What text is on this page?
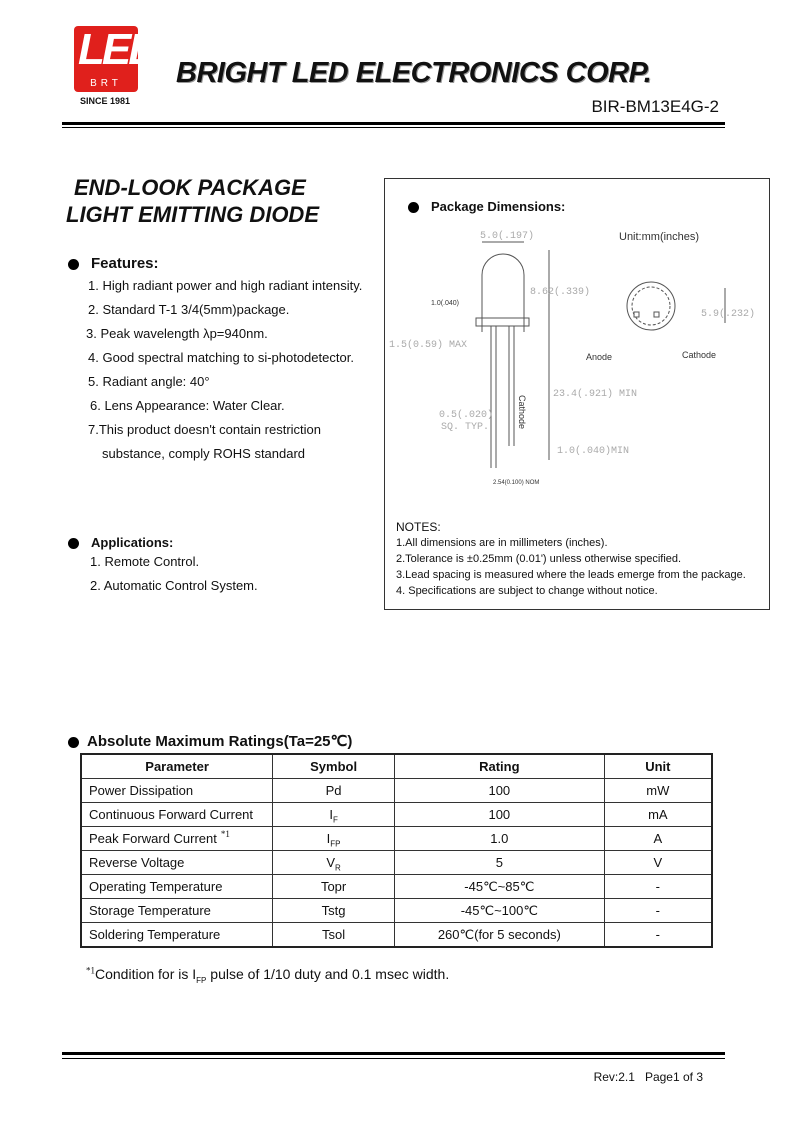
LED
BRT
SINCE 1981
BRIGHT LED ELECTRONICS CORP.
BIR-BM13E4G-2
END-LOOK PACKAGE
LIGHT EMITTING DIODE
Features:
1. High radiant power and high radiant intensity.
2. Standard T-1 3/4(5mm)package.
3. Peak wavelength λp=940nm.
4. Good spectral matching to si-photodetector.
5. Radiant angle: 40°
6. Lens Appearance: Water Clear.
7.This product doesn't contain restriction
substance, comply ROHS standard
Applications:
1. Remote Control.
2. Automatic Control System.
Package Dimensions:
5.0(.197)
8.62(.339)
1.0(.040)
1.5(0.59) MAX
23.4(.921) MIN
0.5(.020)
SQ. TYP.
1.0(.040)MIN
2.54(0.100) NOM
5.9(.232)
Unit:mm(inches)
Anode	Cathode
Cathode
NOTES:
1.All dimensions are in millimeters (inches).
2.Tolerance is ±0.25mm (0.01') unless otherwise specified.
3.Lead spacing is measured where the leads emerge from the package.
4. Specifications are subject to change without notice.
Absolute Maximum Ratings(Ta=25℃)
Parameter	Symbol	Rating	Unit
Power Dissipation	Pd	100	mW
Continuous Forward Current	$I_F$	100	mA
Peak Forward Current $^{*1}$	$I_{FP}$	1.0	A
Reverse Voltage	$V_R$	5	V
Operating Temperature	Topr	-45℃~85℃	-
Storage Temperature	Tstg	-45℃~100℃	-
Soldering Temperature	Tsol	260℃(for 5 seconds)	-
$^{*1}$Condition for is $I_{FP}$ pulse of 1/10 duty and 0.1 msec width.
Rev:2.1 Page1 of 3
